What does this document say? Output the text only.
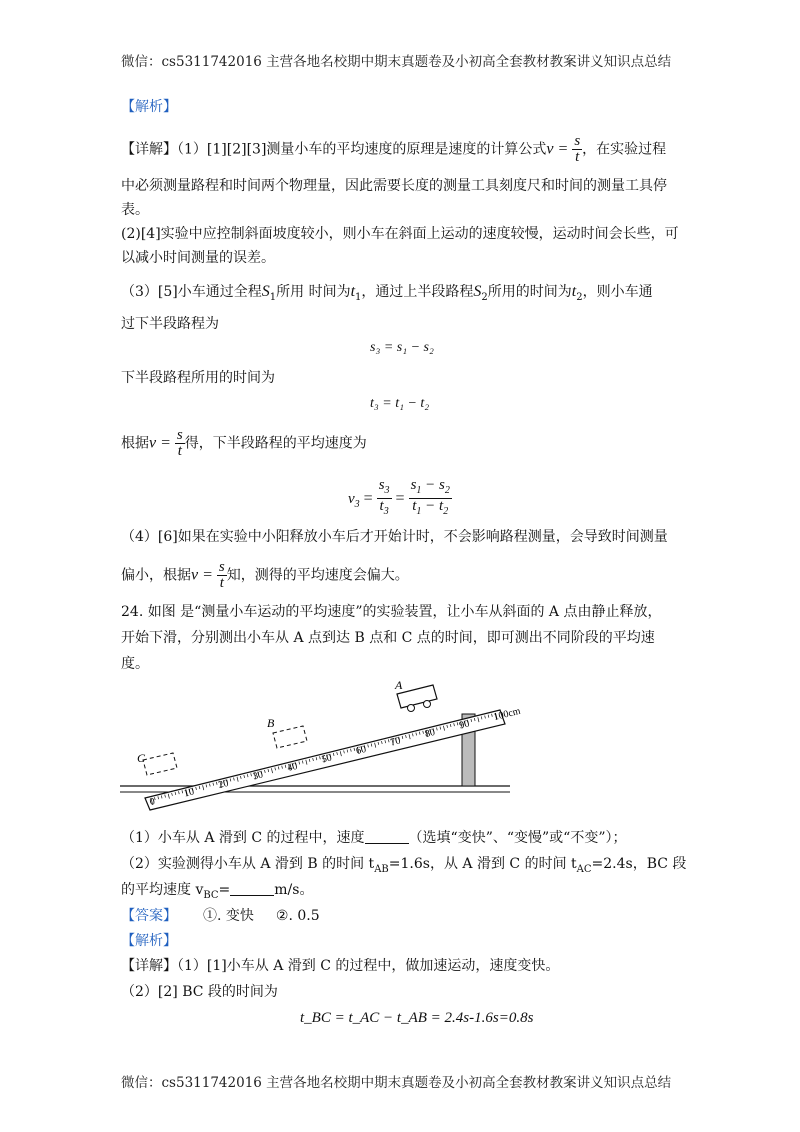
微信：cs5311742016 主营各地名校期中期末真题卷及小初高全套教材教案讲义知识点总结
【解析】
【详解】（1）[1][2][3]测量小车的平均速度的原理是速度的计算公式$v = \frac{s}{t}$ ，在实验过程
中必须测量路程和时间两个物理量，因此需要长度的测量工具刻度尺和时间的测量工具停
表。
(2)[4]实验中应控制斜面坡度较小，则小车在斜面上运动的速度较慢，运动时间会长些，可
以减小时间测量的误差。
（3）[5]小车通过全程$S_1$所用 时间为$t_1$，通过上半段路程$S_2$所用的时间为$t_2$，则小车通
过下半段路程为
s₃ = s₁ − s₂
下半段路程所用的时间为
t₃ = t₁ − t₂
根据$v = \frac{s}{t}$ 得，下半段路程的平均速度为
$v_3 = \frac{s_3}{t_3} = \frac{s_1 - s_2}{t_1 - t_2}$
（4）[6]如果在实验中小阳释放小车后才开始计时，不会影响路程测量，会导致时间测量
偏小，根据$v = \frac{s}{t}$ 知，测得的平均速度会偏大。
24. 如图 是“测量小车运动的平均速度”的实验装置，让小车从斜面的 A 点由静止释放，
开始下滑，分别测出小车从 A 点到达 B 点和 C 点的时间，即可测出不同阶段的平均速
度。
0
10
20
30
40
50
60
70
80
90
100cm
A
B
C
（1）小车从 A 滑到 C 的过程中，速度	（选填“变快”、“变慢”或“不变”）；
（2）实验测得小车从 A 滑到 B 的时间 $t_{AB}=1.6s$，从 A 滑到 C 的时间 $t_{AC}=2.4s$，BC 段
的平均速度 $v_{BC}=$	m/s。
【答案】 ①. 变快 ②. 0.5
【解析】
【详解】（1）[1]小车从 A 滑到 C 的过程中，做加速运动，速度变快。
（2）[2] BC 段的时间为
t_BC = t_AC − t_AB = 2.4s-1.6s=0.8s
微信：cs5311742016 主营各地名校期中期末真题卷及小初高全套教材教案讲义知识点总结
